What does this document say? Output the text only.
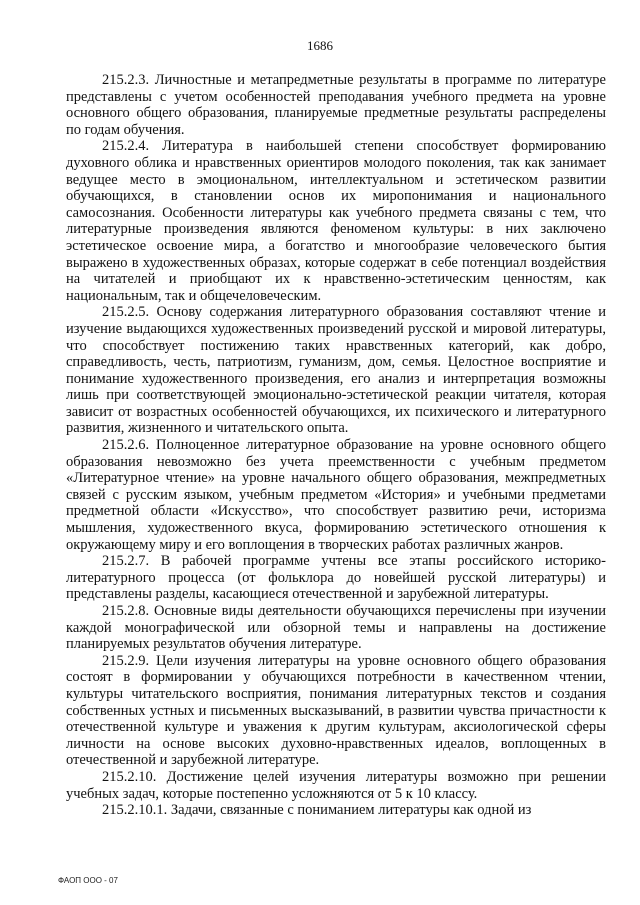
1686

215.2.3. Личностные и метапредметные результаты в программе по литературе представлены с учетом особенностей преподавания учебного предмета на уровне основного общего образования, планируемые предметные результаты распределены по годам обучения.

215.2.4. Литература в наибольшей степени способствует формированию духовного облика и нравственных ориентиров молодого поколения, так как занимает ведущее место в эмоциональном, интеллектуальном и эстетическом развитии обучающихся, в становлении основ их миропонимания и национального самосознания. Особенности литературы как учебного предмета связаны с тем, что литературные произведения являются феноменом культуры: в них заключено эстетическое освоение мира, а богатство и многообразие человеческого бытия выражено в художественных образах, которые содержат в себе потенциал воздействия на читателей и приобщают их к нравственно-эстетическим ценностям, как национальным, так и общечеловеческим.

215.2.5. Основу содержания литературного образования составляют чтение и изучение выдающихся художественных произведений русской и мировой литературы, что способствует постижению таких нравственных категорий, как добро, справедливость, честь, патриотизм, гуманизм, дом, семья. Целостное восприятие и понимание художественного произведения, его анализ и интерпретация возможны лишь при соответствующей эмоционально-эстетической реакции читателя, которая зависит от возрастных особенностей обучающихся, их психического и литературного развития, жизненного и читательского опыта.

215.2.6. Полноценное литературное образование на уровне основного общего образования невозможно без учета преемственности с учебным предметом «Литературное чтение» на уровне начального общего образования, межпредметных связей с русским языком, учебным предметом «История» и учебными предметами предметной области «Искусство», что способствует развитию речи, историзма мышления, художественного вкуса, формированию эстетического отношения к окружающему миру и его воплощения в творческих работах различных жанров.

215.2.7. В рабочей программе учтены все этапы российского историко-литературного процесса (от фольклора до новейшей русской литературы) и представлены разделы, касающиеся отечественной и зарубежной литературы.

215.2.8. Основные виды деятельности обучающихся перечислены при изучении каждой монографической или обзорной темы и направлены на достижение планируемых результатов обучения литературе.

215.2.9. Цели изучения литературы на уровне основного общего образования состоят в формировании у обучающихся потребности в качественном чтении, культуры читательского восприятия, понимания литературных текстов и создания собственных устных и письменных высказываний, в развитии чувства причастности к отечественной культуре и уважения к другим культурам, аксиологической сферы личности на основе высоких духовно-нравственных идеалов, воплощенных в отечественной и зарубежной литературе.

215.2.10. Достижение целей изучения литературы возможно при решении учебных задач, которые постепенно усложняются от 5 к 10 классу.

215.2.10.1. Задачи, связанные с пониманием литературы как одной из

ФАОП ООО - 07
